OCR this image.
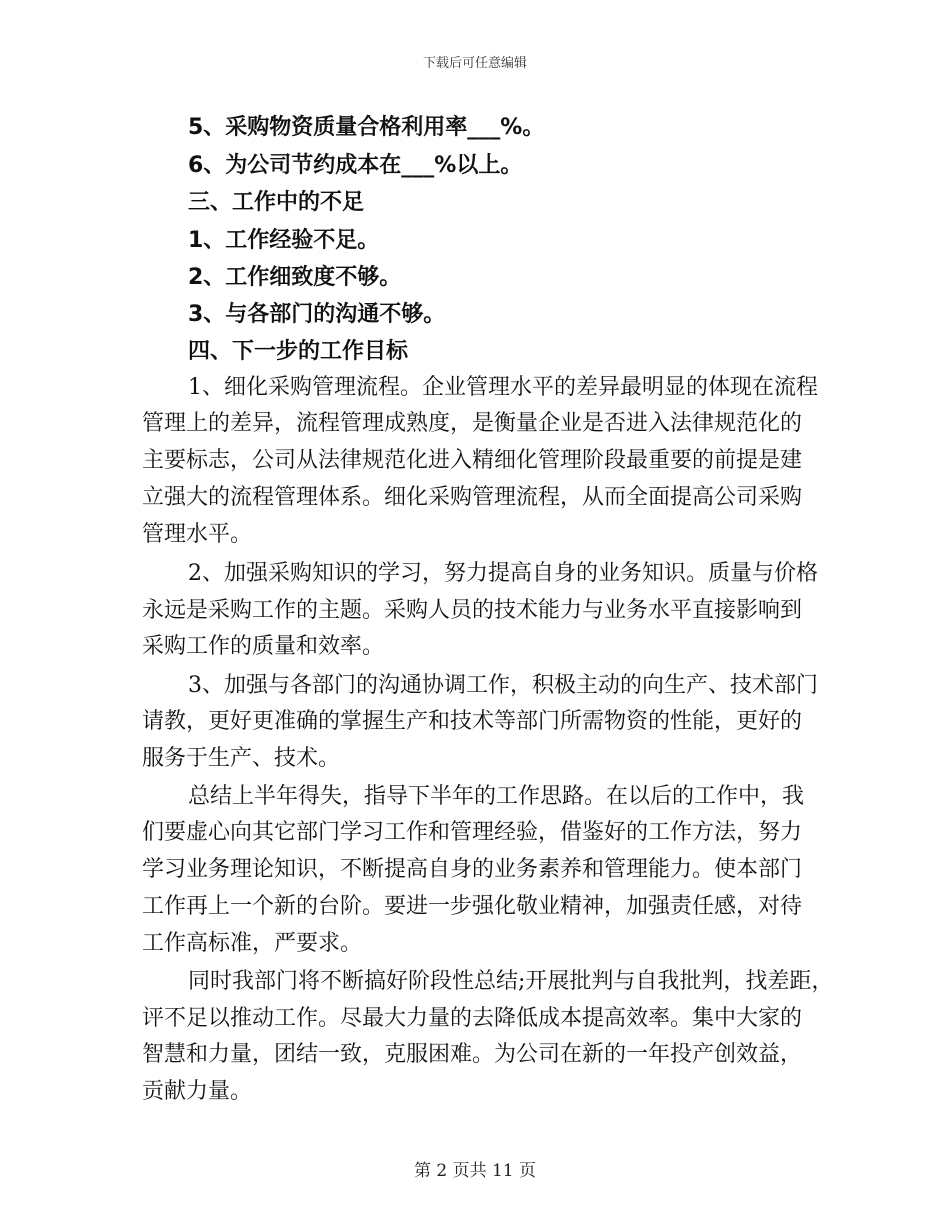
下载后可任意编辑
5、采购物资质量合格利用率___%。
6、为公司节约成本在___%以上。
三、工作中的不足
1、工作经验不足。
2、工作细致度不够。
3、与各部门的沟通不够。
四、下一步的工作目标
1、细化采购管理流程。企业管理水平的差异最明显的体现在流程
管理上的差异，流程管理成熟度，是衡量企业是否进入法律规范化的
主要标志，公司从法律规范化进入精细化管理阶段最重要的前提是建
立强大的流程管理体系。细化采购管理流程，从而全面提高公司采购
管理水平。
2、加强采购知识的学习，努力提高自身的业务知识。质量与价格
永远是采购工作的主题。采购人员的技术能力与业务水平直接影响到
采购工作的质量和效率。
3、加强与各部门的沟通协调工作，积极主动的向生产、技术部门
请教，更好更准确的掌握生产和技术等部门所需物资的性能，更好的
服务于生产、技术。
总结上半年得失，指导下半年的工作思路。在以后的工作中，我
们要虚心向其它部门学习工作和管理经验，借鉴好的工作方法，努力
学习业务理论知识，不断提高自身的业务素养和管理能力。使本部门
工作再上一个新的台阶。要进一步强化敬业精神，加强责任感，对待
工作高标准，严要求。
同时我部门将不断搞好阶段性总结;开展批判与自我批判，找差距，
评不足以推动工作。尽最大力量的去降低成本提高效率。集中大家的
智慧和力量，团结一致，克服困难。为公司在新的一年投产创效益，
贡献力量。
第 2 页共 11 页
